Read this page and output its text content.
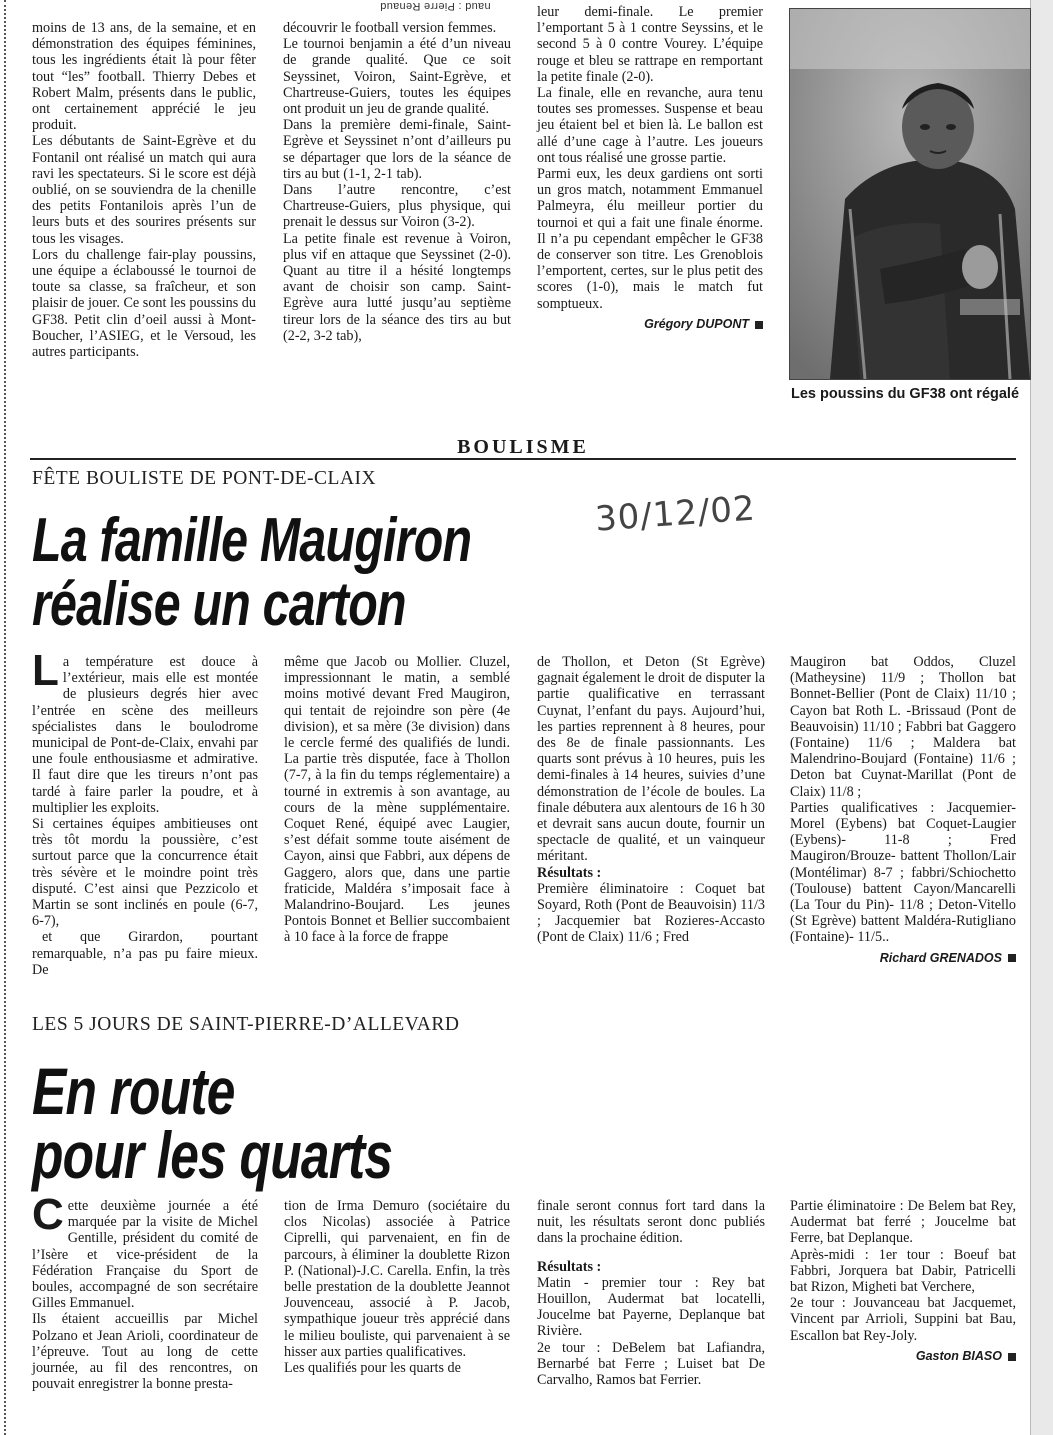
naud : Pierre Renaud

moins de 13 ans, de la semaine, et en démonstration des équipes féminines, tous les ingrédients était là pour fêter tout “les” football. Thierry Debes et Robert Malm, présents dans le public, ont certainement apprécié le jeu produit.

Les débutants de Saint-Egrève et du Fontanil ont réalisé un match qui aura ravi les spectateurs. Si le score est déjà oublié, on se souviendra de la chenille des petits Fontanilois après l’un de leurs buts et des sourires présents sur tous les visages.

Lors du challenge fair-play poussins, une équipe a éclaboussé le tournoi de toute sa classe, sa fraîcheur, et son plaisir de jouer. Ce sont les poussins du GF38. Petit clin d’oeil aussi à Mont-Boucher, l’ASIEG, et le Versoud, les autres participants.

découvrir le football version femmes.

Le tournoi benjamin a été d’un niveau de grande qualité. Que ce soit Seyssinet, Voiron, Saint-Egrève, et Chartreuse-Guiers, toutes les équipes ont produit un jeu de grande qualité.

Dans la première demi-finale, Saint-Egrève et Seyssinet n’ont d’ailleurs pu se départager que lors de la séance de tirs au but (1-1, 2-1 tab).

Dans l’autre rencontre, c’est Chartreuse-Guiers, plus physique, qui prenait le dessus sur Voiron (3-2).

La petite finale est revenue à Voiron, plus vif en attaque que Seyssinet (2-0). Quant au titre il a hésité longtemps avant de choisir son camp. Saint-Egrève aura lutté jusqu’au septième tireur lors de la séance des tirs au but (2-2, 3-2 tab),

leur demi-finale. Le premier l’emportant 5 à 1 contre Seyssins, et le second 5 à 0 contre Vourey. L’équipe rouge et bleu se rattrape en remportant la petite finale (2-0).

La finale, elle en revanche, aura tenu toutes ses promesses. Suspense et beau jeu étaient bel et bien là. Le ballon est allé d’une cage à l’autre. Les joueurs ont tous réalisé une grosse partie.

Parmi eux, les deux gardiens ont sorti un gros match, notamment Emmanuel Palmeyra, élu meilleur portier du tournoi et qui a fait une finale énorme. Il n’a pu cependant empêcher le GF38 de conserver son titre. Les Grenoblois l’emportent, certes, sur le plus petit des scores (1-0), mais le match fut somptueux.

Grégory DUPONT
Les poussins du GF38 ont régalé
BOULISME
FÊTE BOULISTE DE PONT-DE-CLAIX
La famille Maugiron
réalise un carton
30/12/02

La température est douce à l’extérieur, mais elle est montée de plusieurs degrés hier avec l’entrée en scène des meilleurs spécialistes dans le boulodrome municipal de Pont-de-Claix, envahi par une foule enthousiasme et admirative. Il faut dire que les tireurs n’ont pas tardé à faire parler la poudre, et à multiplier les exploits.

Si certaines équipes ambitieuses ont très tôt mordu la poussière, c’est surtout parce que la concurrence était très sévère et le moindre point très disputé. C’est ainsi que Pezzicolo et Martin se sont inclinés en poule (6-7, 6-7),

et que Girardon, pourtant remarquable, n’a pas pu faire mieux. De

même que Jacob ou Mollier. Cluzel, impressionnant le matin, a semblé moins motivé devant Fred Maugiron, qui tentait de rejoindre son père (4e division), et sa mère (3e division) dans le cercle fermé des qualifiés de lundi. La partie très disputée, face à Thollon (7-7, à la fin du temps réglementaire) a tourné in extremis à son avantage, au cours de la mène supplémentaire. Coquet René, équipé avec Laugier, s’est défait somme toute aisément de Cayon, ainsi que Fabbri, aux dépens de Gaggero, alors que, dans une partie fraticide, Maldéra s’imposait face à Malandrino-Boujard. Les jeunes Pontois Bonnet et Bellier succombaient à 10 face à la force de frappe

de Thollon, et Deton (St Egrève) gagnait également le droit de disputer la partie qualificative en terrassant Cuynat, l’enfant du pays. Aujourd’hui, les parties reprennent à 8 heures, pour des 8e de finale passionnants. Les quarts sont prévus à 10 heures, puis les demi-finales à 14 heures, suivies d’une démonstration de l’école de boules. La finale débutera aux alentours de 16 h 30 et devrait sans aucun doute, fournir un spectacle de qualité, et un vainqueur méritant.

Résultats :

Première éliminatoire : Coquet bat Soyard, Roth (Pont de Beauvoisin) 11/3 ; Jacquemier bat Rozieres-Accasto (Pont de Claix) 11/6 ; Fred

Maugiron bat Oddos, Cluzel (Matheysine) 11/9 ; Thollon bat Bonnet-Bellier (Pont de Claix) 11/10 ; Cayon bat Roth L. -Brissaud (Pont de Beauvoisin) 11/10 ; Fabbri bat Gaggero (Fontaine) 11/6 ; Maldera bat Malendrino-Boujard (Fontaine) 11/6 ; Deton bat Cuynat-Marillat (Pont de Claix) 11/8 ;

Parties qualificatives : Jacquemier-Morel (Eybens) bat Coquet-Laugier (Eybens)- 11-8 ; Fred Maugiron/Brouze- battent Thollon/Lair (Montélimar) 8-7 ; fabbri/Schiochetto (Toulouse) battent Cayon/Mancarelli (La Tour du Pin)- 11/8 ; Deton-Vitello (St Egrève) battent Maldéra-Rutigliano (Fontaine)- 11/5..

Richard GRENADOS
LES 5 JOURS DE SAINT-PIERRE-D’ALLEVARD
En route
pour les quarts

Cette deuxième journée a été marquée par la visite de Michel Gentille, président du comité de l’Isère et vice-président de la Fédération Française du Sport de boules, accompagné de son secrétaire Gilles Emmanuel.

Ils étaient accueillis par Michel Polzano et Jean Arioli, coordinateur de l’épreuve. Tout au long de cette journée, au fil des rencontres, on pouvait enregistrer la bonne presta-

tion de Irma Demuro (sociétaire du clos Nicolas) associée à Patrice Ciprelli, qui parvenaient, en fin de parcours, à éliminer la doublette Rizon P. (National)-J.C. Carella. Enfin, la très belle prestation de la doublette Jeannot Jouvenceau, associé à P. Jacob, sympathique joueur très apprécié dans le milieu bouliste, qui parvenaient à se hisser aux parties qualificatives.

Les qualifiés pour les quarts de

finale seront connus fort tard dans la nuit, les résultats seront donc publiés dans la prochaine édition.

Résultats :

Matin - premier tour : Rey bat Houillon, Audermat bat locatelli, Joucelme bat Payerne, Deplanque bat Rivière.

2e tour : DeBelem bat Lafiandra, Bernarbé bat Ferre ; Luiset bat De Carvalho, Ramos bat Ferrier.

Partie éliminatoire : De Belem bat Rey, Audermat bat ferré ; Joucelme bat Ferre, bat Deplanque.

Après-midi : 1er tour : Boeuf bat Fabbri, Jorquera bat Dabir, Patricelli bat Rizon, Migheti bat Verchere,

2e tour : Jouvanceau bat Jacquemet, Vincent par Arrioli, Suppini bat Bau, Escallon bat Rey-Joly.

Gaston BIASO
